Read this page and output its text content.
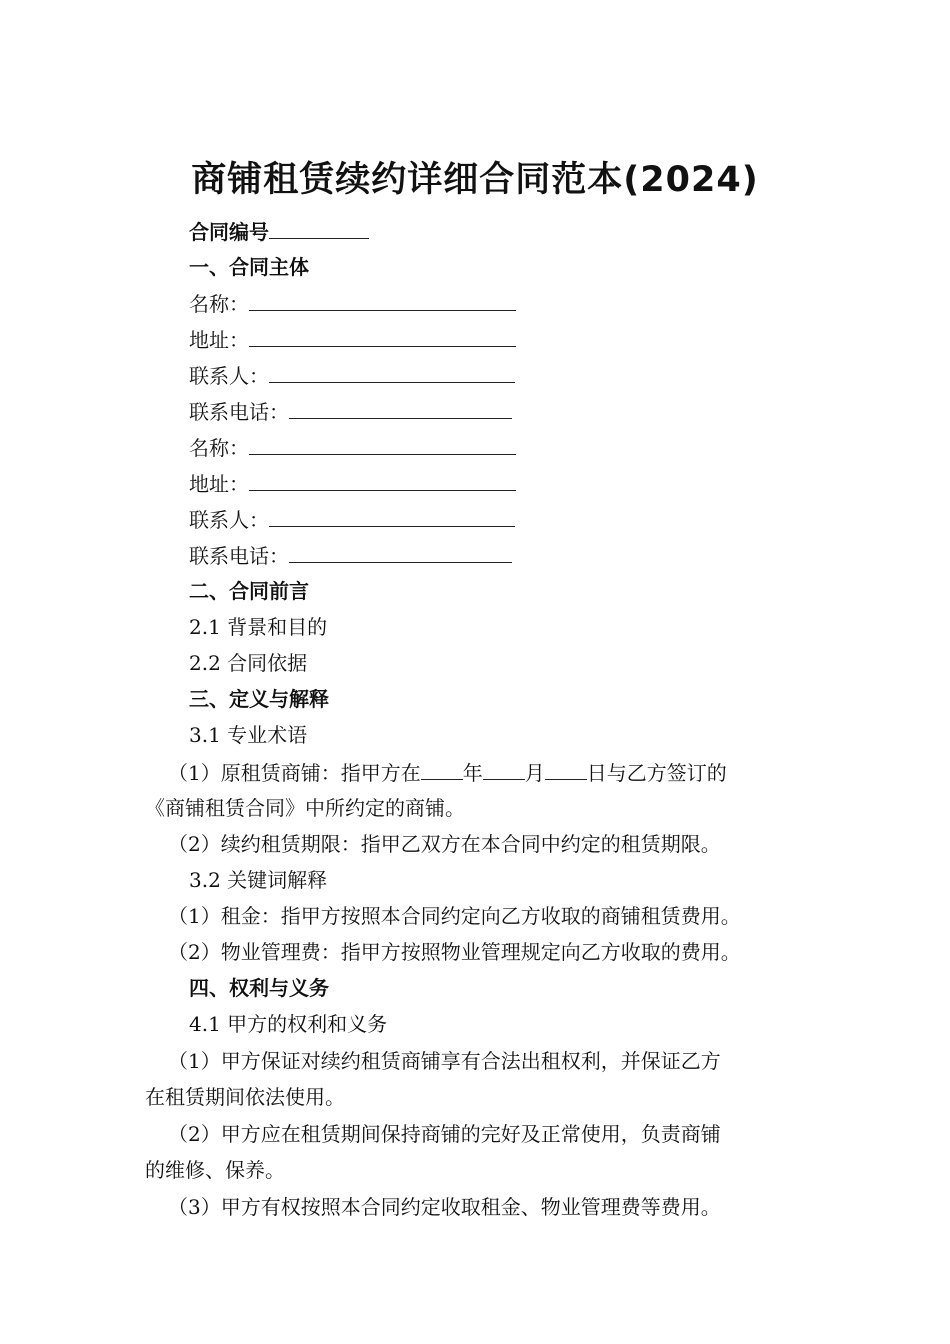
商铺租赁续约详细合同范本(2024)
合同编号
一、合同主体
名称：
地址：
联系人：
联系电话：
名称：
地址：
联系人：
联系电话：
二、合同前言
2.1 背景和目的
2.2 合同依据
三、定义与解释
3.1 专业术语
（1）原租赁商铺：指甲方在 年 月 日与乙方签订的
《商铺租赁合同》中所约定的商铺。
（2）续约租赁期限：指甲乙双方在本合同中约定的租赁期限。
3.2 关键词解释
（1）租金：指甲方按照本合同约定向乙方收取的商铺租赁费用。
（2）物业管理费：指甲方按照物业管理规定向乙方收取的费用。
四、权利与义务
4.1 甲方的权利和义务
（1）甲方保证对续约租赁商铺享有合法出租权利，并保证乙方
在租赁期间依法使用。
（2）甲方应在租赁期间保持商铺的完好及正常使用，负责商铺
的维修、保养。
（3）甲方有权按照本合同约定收取租金、物业管理费等费用。
